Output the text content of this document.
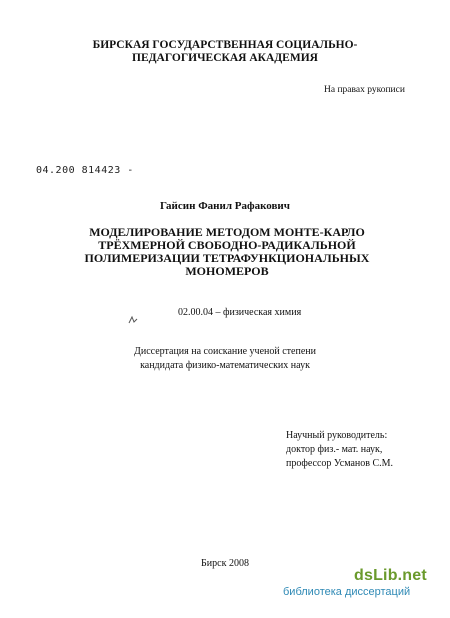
БИРСКАЯ ГОСУДАРСТВЕННАЯ СОЦИАЛЬНО-
ПЕДАГОГИЧЕСКАЯ АКАДЕМИЯ
На правах рукописи
04.200 814423 -
Гайсин Фанил Рафакович
МОДЕЛИРОВАНИЕ МЕТОДОМ МОНТЕ-КАРЛО
ТРЁХМЕРНОЙ СВОБОДНО-РАДИКАЛЬНОЙ
ПОЛИМЕРИЗАЦИИ ТЕТРАФУНКЦИОНАЛЬНЫХ
МОНОМЕРОВ
02.00.04 – физическая химия
Диссертация на соискание ученой степени
кандидата физико-математических наук
Научный руководитель:
доктор физ.- мат. наук,
профессор Усманов С.М.
Бирск 2008
dsLib.net
библиотека диссертаций
